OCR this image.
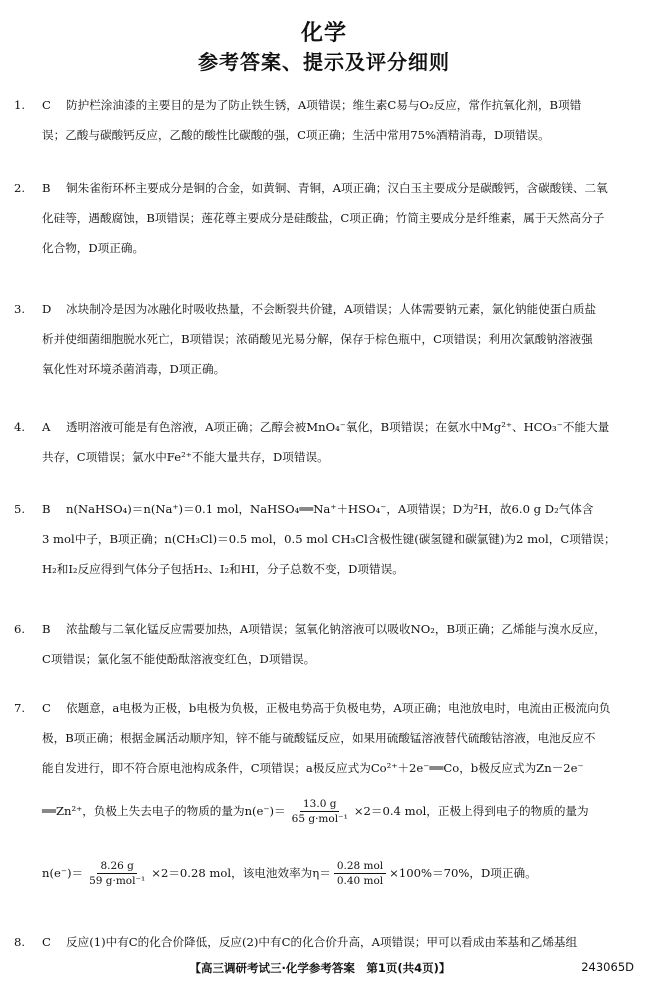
化学
参考答案、提示及评分细则
1. C 防护栏涂油漆的主要目的是为了防止铁生锈，A项错误；维生素C易与O₂反应，常作抗氧化剂，B项错
误；乙酸与碳酸钙反应，乙酸的酸性比碳酸的强，C项正确；生活中常用75%酒精消毒，D项错误。
2. B 铜朱雀衔环杯主要成分是铜的合金，如黄铜、青铜，A项正确；汉白玉主要成分是碳酸钙，含碳酸镁、二氧
化硅等，遇酸腐蚀，B项错误；莲花尊主要成分是硅酸盐，C项正确；竹简主要成分是纤维素，属于天然高分子
化合物，D项正确。
3. D 冰块制冷是因为冰融化时吸收热量，不会断裂共价键，A项错误；人体需要钠元素，氯化钠能使蛋白质盐
析并使细菌细胞脱水死亡，B项错误；浓硝酸见光易分解，保存于棕色瓶中，C项错误；利用次氯酸钠溶液强
氧化性对环境杀菌消毒，D项正确。
4. A 透明溶液可能是有色溶液，A项正确；乙醇会被MnO₄⁻氧化，B项错误；在氨水中Mg²⁺、HCO₃⁻不能大量
共存，C项错误；氯水中Fe²⁺不能大量共存，D项错误。
5. B n(NaHSO₄)＝n(Na⁺)＝0.1 mol，NaHSO₄══Na⁺＋HSO₄⁻，A项错误；D为²H，故6.0 g D₂气体含
3 mol中子，B项正确；n(CH₃Cl)＝0.5 mol，0.5 mol CH₃Cl含极性键(碳氢键和碳氯键)为2 mol，C项错误；
H₂和I₂反应得到气体分子包括H₂、I₂和HI，分子总数不变，D项错误。
6. B 浓盐酸与二氧化锰反应需要加热，A项错误；氢氧化钠溶液可以吸收NO₂，B项正确；乙烯能与溴水反应，
C项错误；氯化氢不能使酚酞溶液变红色，D项错误。
7. C 依题意，a电极为正极，b电极为负极，正极电势高于负极电势，A项正确；电池放电时，电流由正极流向负
极，B项正确；根据金属活动顺序知，锌不能与硫酸锰反应，如果用硫酸锰溶液替代硫酸钴溶液，电池反应不
能自发进行，即不符合原电池构成条件，C项错误；a极反应式为Co²⁺＋2e⁻══Co，b极反应式为Zn－2e⁻
══Zn²⁺，负极上失去电子的物质的量为$n(e^-)= \frac{13.0 g}{\text{65 g·mol⁻¹}} \times 2=0.4$ mol，正极上得到电子的物质的量为
$n(e^-)= \frac{8.26 g}{\text{59 g·mol⁻¹}} \times 2=0.28$ mol，该电池效率为$\eta= \frac{\text{0.28 mol}}{\text{0.40 mol}} \times 100\%=70\%$，D项正确。
8. C 反应(1)中有C的化合价降低，反应(2)中有C的化合价升高，A项错误；甲可以看成由苯基和乙烯基组
【高三调研考试三·化学参考答案　第1页(共4页)】	243065D
